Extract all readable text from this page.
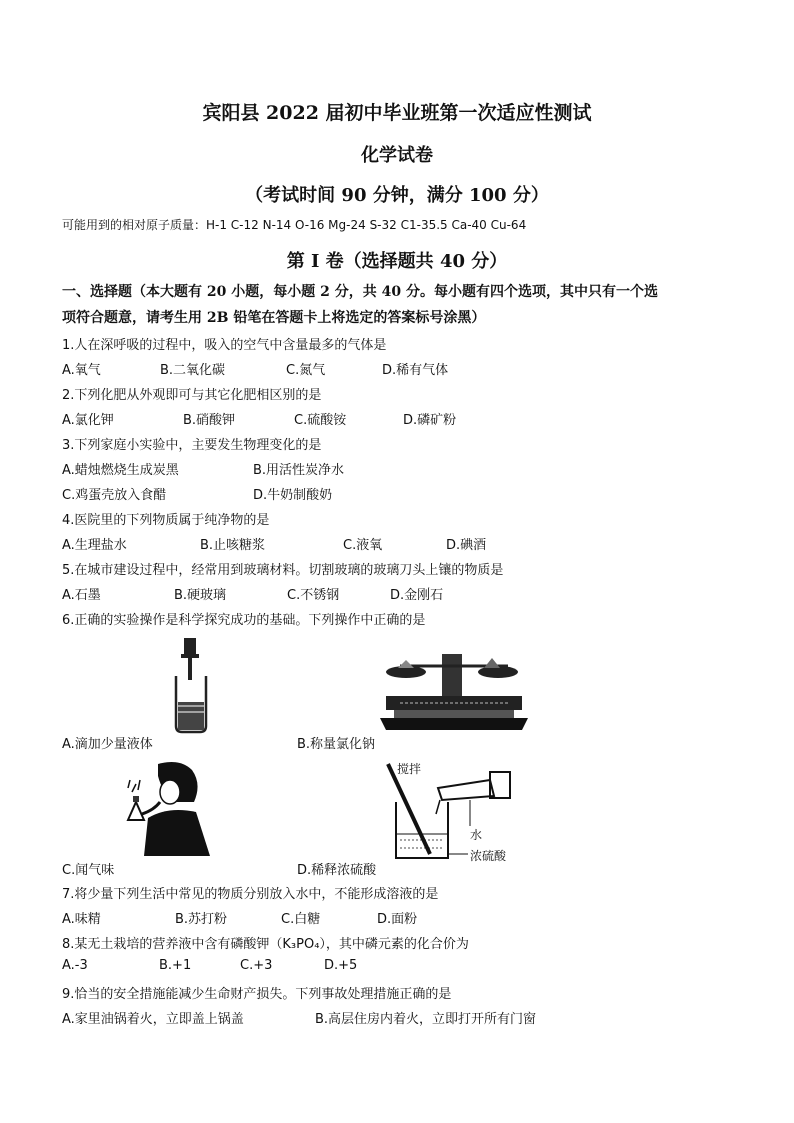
宾阳县 2022 届初中毕业班第一次适应性测试
化学试卷
（考试时间 90 分钟，满分 100 分）
可能用到的相对原子质量：H-1 C-12 N-14 O-16 Mg-24 S-32 C1-35.5 Ca-40 Cu-64
第 I 卷（选择题共 40 分）
一、选择题（本大题有 20 小题，每小题 2 分，共 40 分。每小题有四个选项，其中只有一个选
项符合题意，请考生用 2B 铅笔在答题卡上将选定的答案标号涂黑）
1.人在深呼吸的过程中，吸入的空气中含量最多的气体是
A.氧气	B.二氧化碳	C.氮气	D.稀有气体
2.下列化肥从外观即可与其它化肥相区别的是
A.氯化钾	B.硝酸钾	C.硫酸铵	D.磷矿粉
3.下列家庭小实验中，主要发生物理变化的是
A.蜡烛燃烧生成炭黑	B.用活性炭净水
C.鸡蛋壳放入食醋	D.牛奶制酸奶
4.医院里的下列物质属于纯净物的是
A.生理盐水	B.止咳糖浆	C.液氧	D.碘酒
5.在城市建设过程中，经常用到玻璃材料。切割玻璃的玻璃刀头上镶的物质是
A.石墨	B.硬玻璃	C.不锈钢	D.金刚石
6.正确的实验操作是科学探究成功的基础。下列操作中正确的是
A.滴加少量液体	B.称量氯化钠
搅拌
水
浓硫酸
C.闻气味	D.稀释浓硫酸
7.将少量下列生活中常见的物质分别放入水中，不能形成溶液的是
A.味精	B.苏打粉	C.白糖	D.面粉
8.某无土栽培的营养液中含有磷酸钾（K₃PO₄），其中磷元素的化合价为
A.-3	B.+1	C.+3	D.+5
9.恰当的安全措施能减少生命财产损失。下列事故处理措施正确的是
A.家里油锅着火，立即盖上锅盖	B.高层住房内着火，立即打开所有门窗
